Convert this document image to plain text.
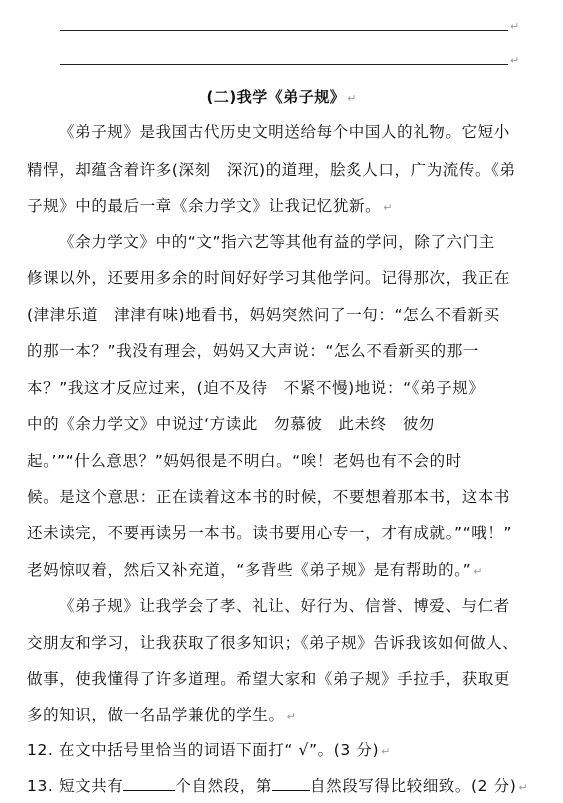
↵
↵
(二)我学《弟子规》 ↵
《弟子规》是我国古代历史文明送给每个中国人的礼物。它短小
精悍，却蕴含着许多(深刻　深沉)的道理，脍炙人口，广为流传。《弟
子规》中的最后一章《余力学文》让我记忆犹新。 ↵
《余力学文》中的“文”指六艺等其他有益的学问，除了六门主
修课以外，还要用多余的时间好好学习其他学问。记得那次，我正在
(津津乐道　津津有味)地看书，妈妈突然问了一句：“怎么不看新买
的那一本？”我没有理会，妈妈又大声说：“怎么不看新买的那一
本？”我这才反应过来，(迫不及待　不紧不慢)地说：“《弟子规》
中的《余力学文》中说过‘方读此　勿慕彼　此未终　彼勿
起。’”“什么意思？”妈妈很是不明白。“唉！老妈也有不会的时
候。是这个意思：正在读着这本书的时候，不要想着那本书，这本书
还未读完，不要再读另一本书。读书要用心专一，才有成就。”“哦！”
老妈惊叹着，然后又补充道，“多背些《弟子规》是有帮助的。” ↵
《弟子规》让我学会了孝、礼让、好行为、信誉、博爱、与仁者
交朋友和学习，让我获取了很多知识；《弟子规》告诉我该如何做人、
做事，使我懂得了许多道理。希望大家和《弟子规》手拉手，获取更
多的知识，做一名品学兼优的学生。 ↵
12. 在文中括号里恰当的词语下面打“ √”。(3 分) ↵
13. 短文共有	个自然段，第 自然段写得比较细致。(2 分) ↵
